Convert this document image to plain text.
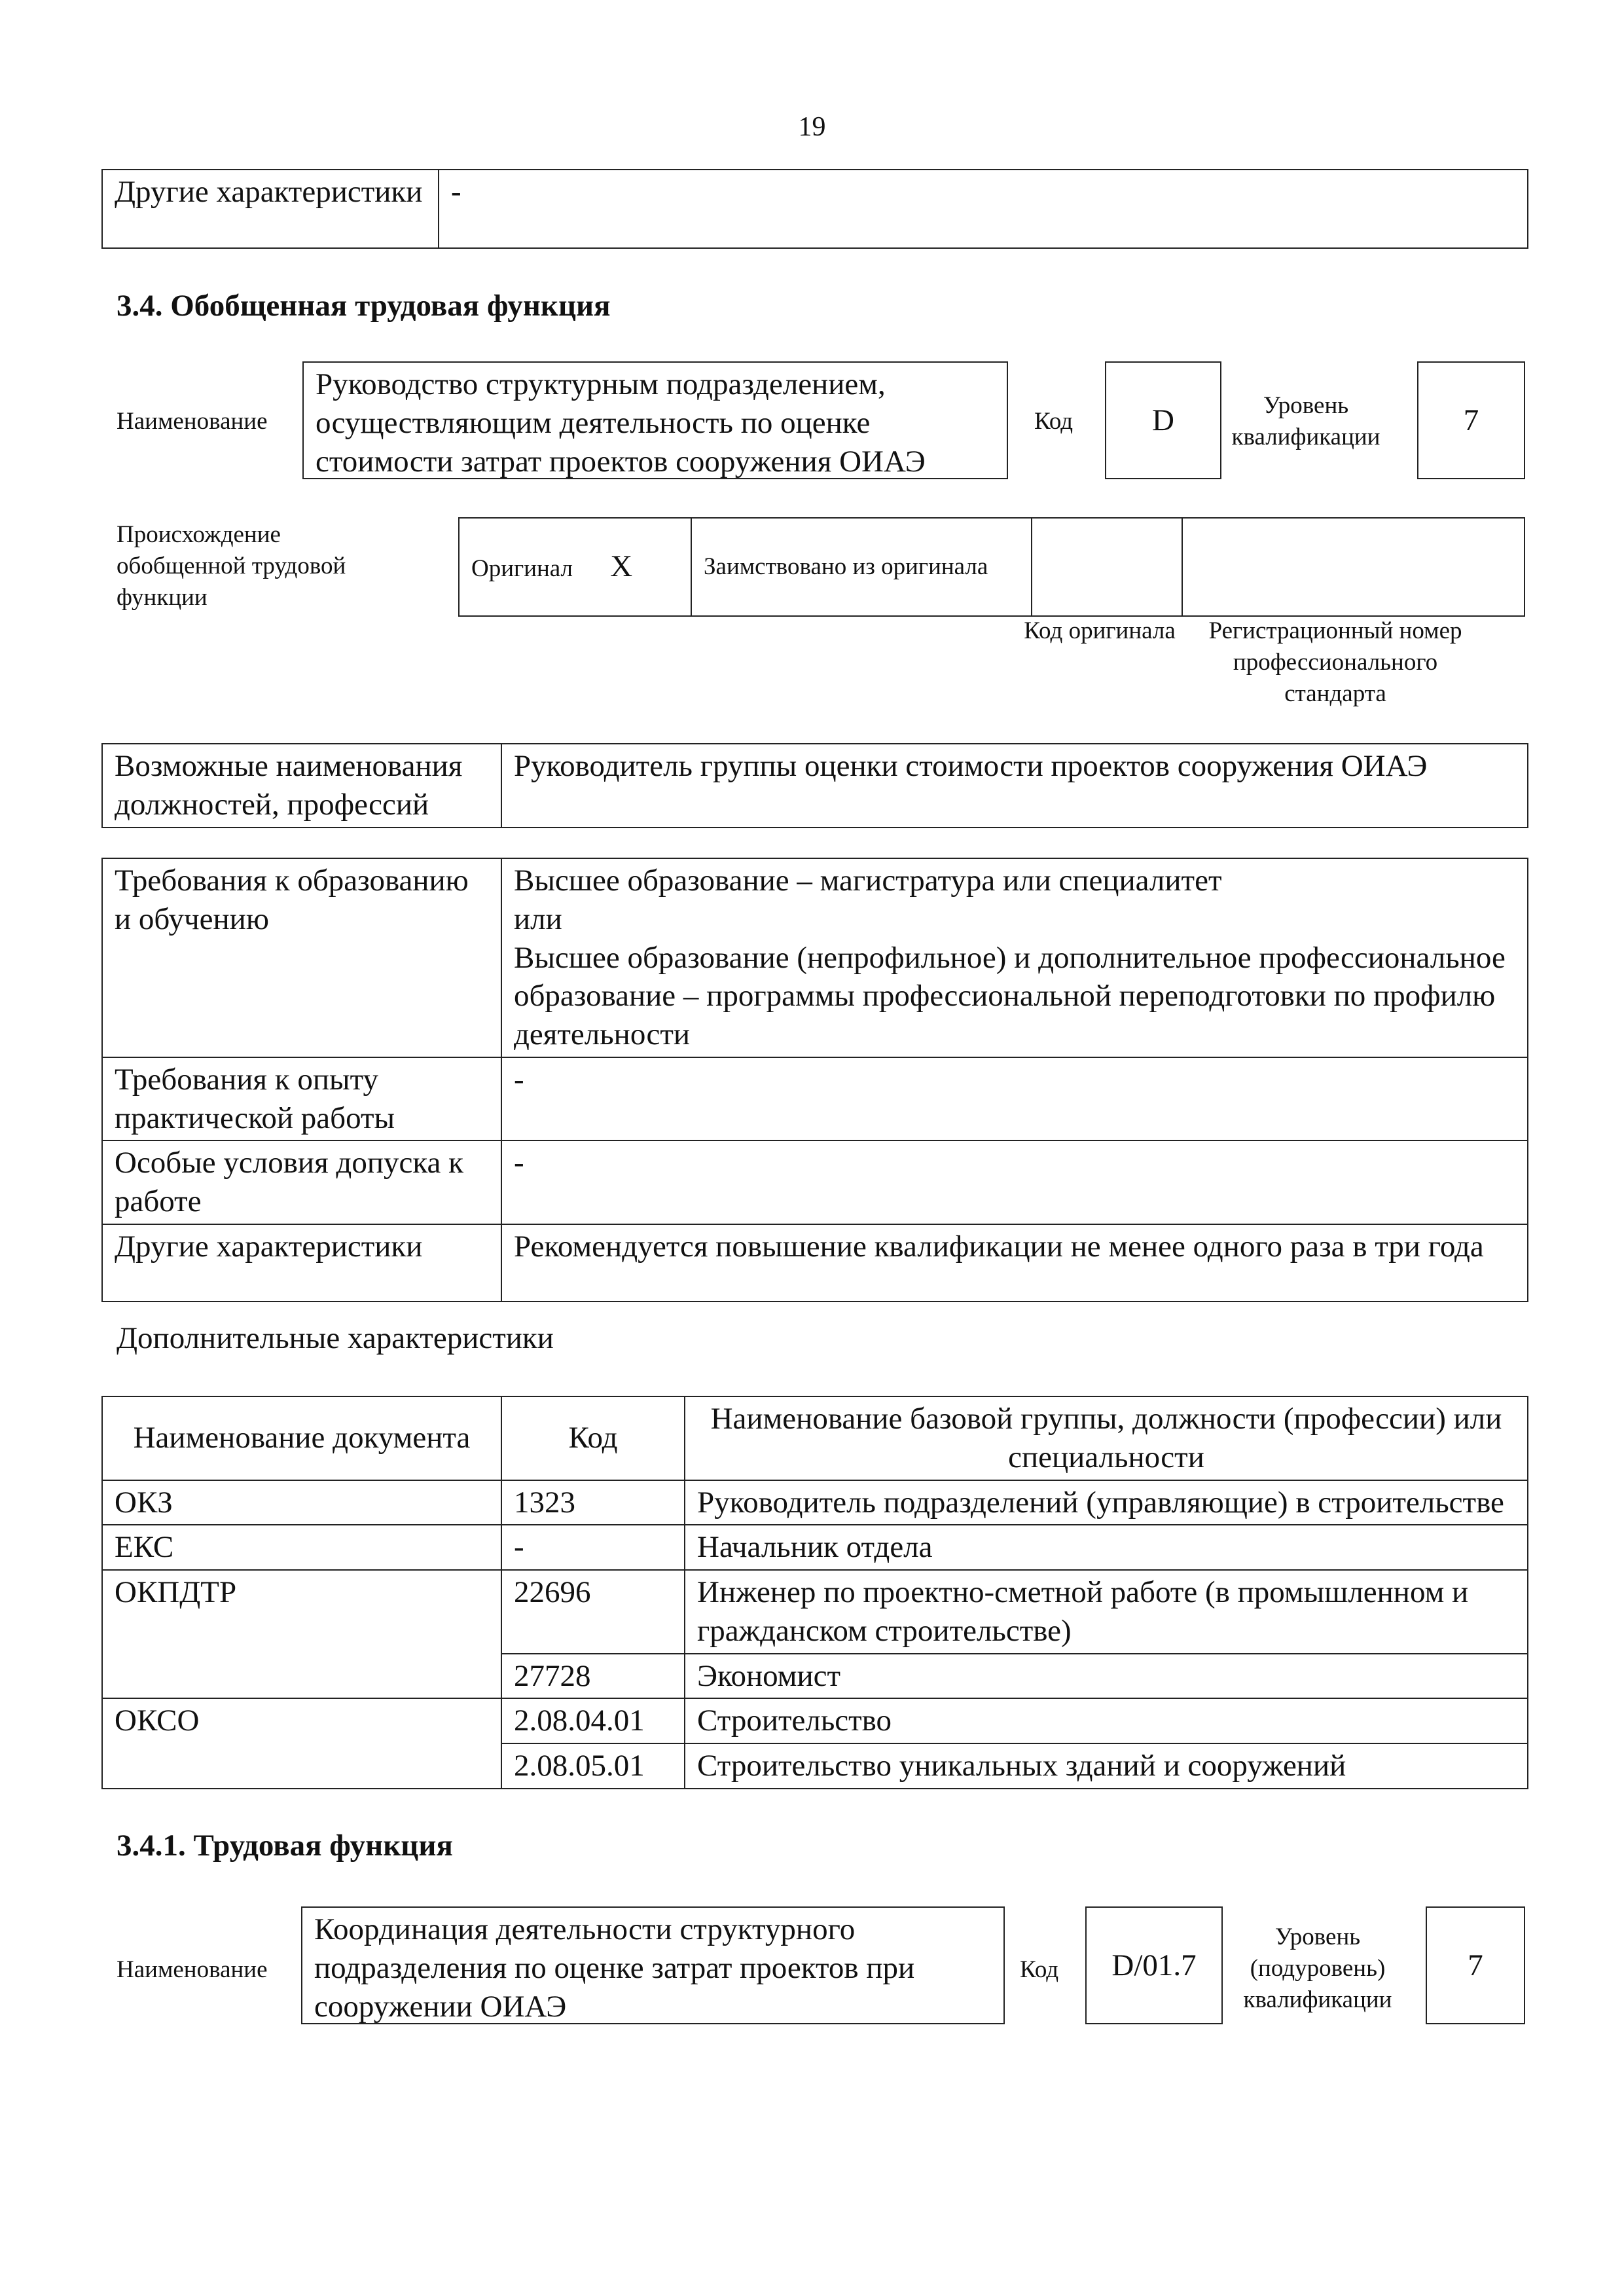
19
Другие характеристики	-
3.4. Обобщенная трудовая функция
Наименование
Руководство структурным подразделением, осуществляющим деятельность по оценке стоимости затрат проектов сооружения ОИАЭ
Код	D	Уровень квалификации	7
Происхождение обобщенной трудовой функции
Оригинал X	Заимствовано из оригинала		
Код оригинала	Регистрационный номер профессионального стандарта
Возможные наименования должностей, профессий	Руководитель группы оценки стоимости проектов сооружения ОИАЭ
Требования к образованию и обучению	Высшее образование – магистратура или специалитет
или
Высшее образование (непрофильное) и дополнительное профессиональное образование – программы профессиональной переподготовки по профилю деятельности

Требования к опыту практической работы	-
Особые условия допуска к работе	-
Другие характеристики	Рекомендуется повышение квалификации не менее одного раза в три года
Дополнительные характеристики
Наименование документа	Код	Наименование базовой группы, должности (профессии) или специальности
ОКЗ	1323	Руководитель подразделений (управляющие) в строительстве
ЕКС	-	Начальник отдела
ОКПДТР	22696	Инженер по проектно-сметной работе (в промышленном и гражданском строительстве)
	27728	Экономист
ОКСО	2.08.04.01	Строительство
	2.08.05.01	Строительство уникальных зданий и сооружений
3.4.1. Трудовая функция
Наименование
Координация деятельности структурного подразделения по оценке затрат проектов при сооружении ОИАЭ
Код D/01.7
Уровень (подуровень) квалификации
7
